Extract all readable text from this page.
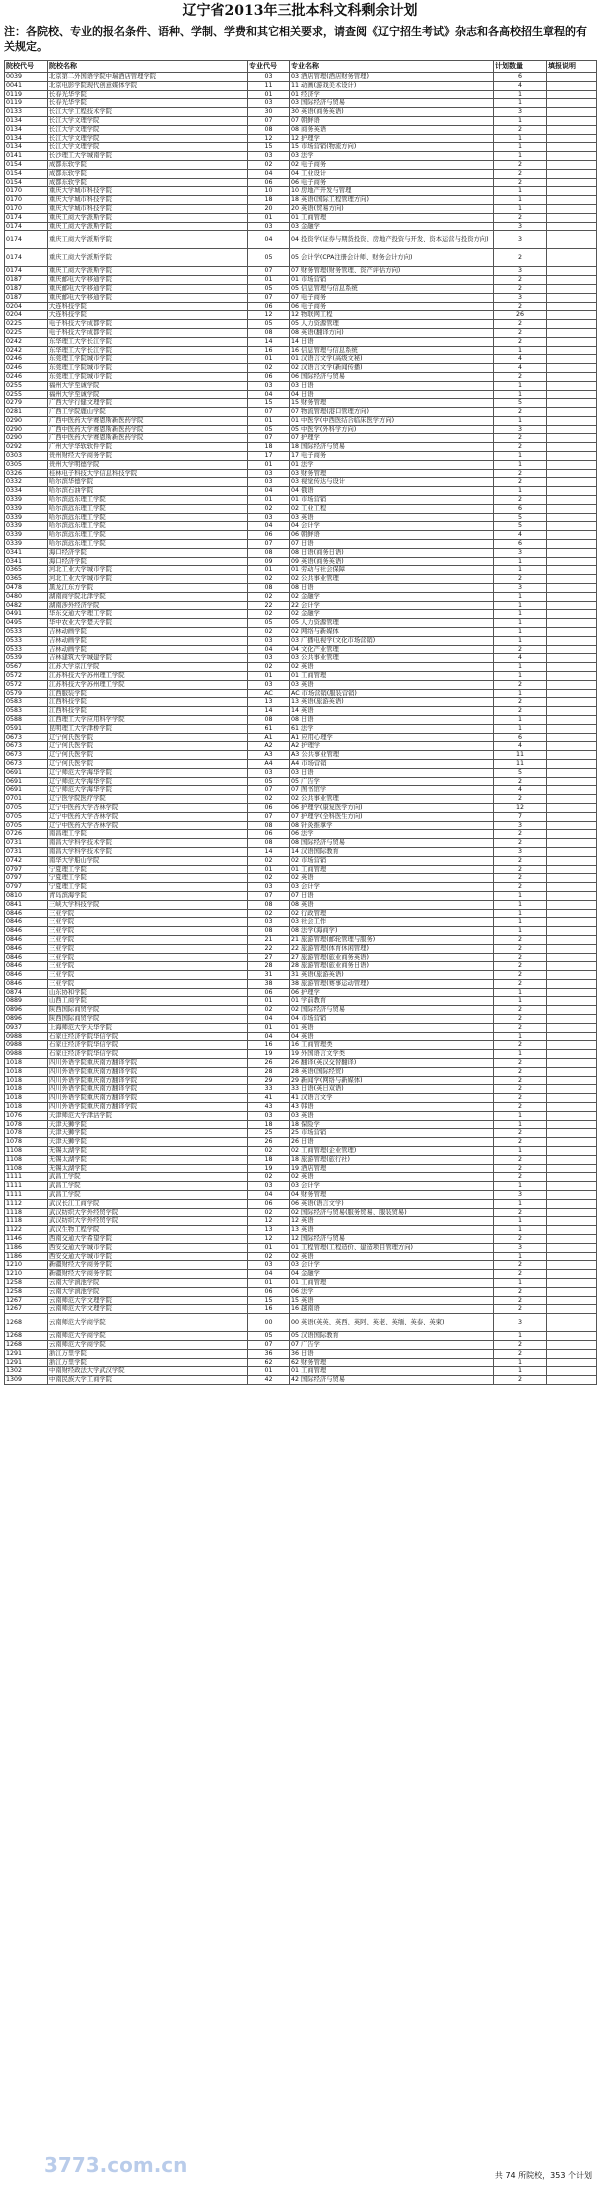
辽宁省2013年三批本科文科剩余计划
注：各院校、专业的报名条件、语种、学制、学费和其它相关要求，请查阅《辽宁招生考试》杂志和各高校招生章程的有关规定。
院校代号	院校名称	专业代号	专业名称	计划数量	填报说明
0039	北京第二外国语学院中瑞酒店管理学院	03	03 酒店管理(酒店财务管理)	6	
0041	北京电影学院现代创意媒体学院	11	11 动画(游戏美术设计)	4	
0119	长春光华学院	01	01 经济学	1	
0119	长春光华学院	03	03 国际经济与贸易	1	
0133	长江大学工程技术学院	30	30 英语(商务英语)	3	
0134	长江大学文理学院	07	07 朝鲜语	1	
0134	长江大学文理学院	08	08 商务英语	2	
0134	长江大学文理学院	12	12 护理学	1	
0134	长江大学文理学院	15	15 市场营销(物流方向)	1	
0141	长沙理工大学城南学院	03	03 法学	1	
0154	成都东软学院	02	02 电子商务	2	
0154	成都东软学院	04	04 工业设计	2	
0154	成都东软学院	06	06 电子商务	2	
0170	重庆大学城市科技学院	10	10 房地产开发与管理	1	
0170	重庆大学城市科技学院	18	18 英语(国际工程管理方向)	1	
0170	重庆大学城市科技学院	20	20 英语(贸易方向)	1	
0174	重庆工商大学派斯学院	01	01 工商管理	2	
0174	重庆工商大学派斯学院	03	03 金融学	3	
0174	重庆工商大学派斯学院	04	04 投资学(证券与期货投资、房地产投资与开发、资本运营与投资方向)	3	
0174	重庆工商大学派斯学院	05	05 会计学(CPA注册会计师、财务会计方向)	2	
0174	重庆工商大学派斯学院	07	07 财务管理(财务管理、资产评估方向)	3	
0187	重庆邮电大学移通学院	01	01 市场营销	2	
0187	重庆邮电大学移通学院	05	05 信息管理与信息系统	2	
0187	重庆邮电大学移通学院	07	07 电子商务	3	
0204	大连科技学院	06	06 电子商务	2	
0204	大连科技学院	12	12 物联网工程	26	
0225	电子科技大学成都学院	05	05 人力资源管理	2	
0225	电子科技大学成都学院	08	08 英语(翻译方向)	2	
0242	东华理工大学长江学院	14	14 日语	2	
0242	东华理工大学长江学院	16	16 信息管理与信息系统	1	
0246	东莞理工学院城市学院	01	01 汉语言文学(高级文秘)	4	
0246	东莞理工学院城市学院	02	02 汉语言文学(新闻传播)	4	
0246	东莞理工学院城市学院	06	06 国际经济与贸易	2	
0255	福州大学至诚学院	03	03 日语	1	
0255	福州大学至诚学院	04	04 日语	1	
0279	广西大学行健文理学院	15	15 财务管理	5	
0281	广西工学院鹿山学院	07	07 物流管理(港口管理方向)	2	
0290	广西中医药大学赛恩斯新医药学院	01	01 中医学(中西医结合临床医学方向)	1	
0290	广西中医药大学赛恩斯新医药学院	05	05 中医学(外科学方向)	3	
0290	广西中医药大学赛恩斯新医药学院	07	07 护理学	2	
0292	广州大学华软软件学院	18	18 国际经济与贸易	2	
0303	贵州财经大学商务学院	17	17 电子商务	1	
0305	贵州大学明德学院	01	01 法学	1	
0326	桂林电子科技大学信息科技学院	03	03 财务管理	2	
0332	哈尔滨华德学院	03	03 视觉传达与设计	2	
0334	哈尔滨石油学院	04	04 俄语	1	
0339	哈尔滨远东理工学院	01	01 市场营销	2	
0339	哈尔滨远东理工学院	02	02 工业工程	6	
0339	哈尔滨远东理工学院	03	03 英语	5	
0339	哈尔滨远东理工学院	04	04 会计学	5	
0339	哈尔滨远东理工学院	06	06 朝鲜语	4	
0339	哈尔滨远东理工学院	07	07 日语	6	
0341	海口经济学院	08	08 日语(商务日语)	3	
0341	海口经济学院	09	09 英语(商务英语)	1	
0365	河北工业大学城市学院	01	01 劳动与社会保障	1	
0365	河北工业大学城市学院	02	02 公共事业管理	2	
0478	黑龙江东方学院	08	08 日语	3	
0480	湖南商学院北津学院	02	02 金融学	1	
0482	湖南涉外经济学院	22	22 会计学	1	
0491	华东交通大学理工学院	02	02 金融学	1	
0495	华中农业大学楚天学院	05	05 人力资源管理	1	
0533	吉林动画学院	02	02 网络与新媒体	1	
0533	吉林动画学院	03	03 广播电视学(文化市场营销)	1	
0533	吉林动画学院	04	04 文化产业管理	2	
0539	吉林建筑大学城建学院	03	03 公共事业管理	4	
0567	江苏大学京江学院	02	02 英语	1	
0572	江苏科技大学苏州理工学院	01	01 工商管理	1	
0572	江苏科技大学苏州理工学院	03	03 英语	2	
0579	江西服装学院	AC	AC 市场营销(服装营销)	1	
0583	江西科技学院	13	13 英语(旅游英语)	2	
0583	江西科技学院	14	14 英语	2	
0588	江西理工大学应用科学学院	08	08 日语	1	
0591	昆明理工大学津桥学院	61	61 法学	1	
0673	辽宁何氏医学院	A1	A1 应用心理学	6	
0673	辽宁何氏医学院	A2	A2 护理学	4	
0673	辽宁何氏医学院	A3	A3 公共事业管理	11	
0673	辽宁何氏医学院	A4	A4 市场营销	11	
0691	辽宁师范大学海华学院	03	03 日语	5	
0691	辽宁师范大学海华学院	05	05 广告学	2	
0691	辽宁师范大学海华学院	07	07 图书馆学	4	
0701	辽宁医学院医疗学院	02	02 公共事业管理	2	
0705	辽宁中医药大学杏林学院	06	06 护理学(康复医学方向)	12	
0705	辽宁中医药大学杏林学院	07	07 护理学(全科医生方向)	7	
0705	辽宁中医药大学杏林学院	08	08 针灸推拿学	3	
0726	南昌理工学院	06	06 法学	2	
0731	南昌大学科学技术学院	08	08 国际经济与贸易	2	
0731	南昌大学科学技术学院	14	14 汉语国际教育	3	
0742	南华大学船山学院	02	02 市场营销	2	
0797	宁夏理工学院	01	01 工商管理	2	
0797	宁夏理工学院	02	02 英语	2	
0797	宁夏理工学院	03	03 会计学	2	
0810	青岛滨海学院	07	07 日语	1	
0841	三峡大学科技学院	08	08 英语	1	
0846	三亚学院	02	02 行政管理	1	
0846	三亚学院	03	03 社会工作	1	
0846	三亚学院	08	08 法学(海商学)	1	
0846	三亚学院	21	21 旅游管理(邮轮管理与服务)	2	
0846	三亚学院	22	22 旅游管理(体育休闲管理)	2	
0846	三亚学院	27	27 旅游管理(旅业商务英语)	2	
0846	三亚学院	28	28 旅游管理(旅业商务日语)	2	
0846	三亚学院	31	31 英语(旅游英语)	2	
0846	三亚学院	38	38 旅游管理(赛事运动管理)	2	
0874	山东协和学院	06	06 护理学	1	
0889	山西工商学院	01	01 学前教育	1	
0896	陕西国际商贸学院	02	02 国际经济与贸易	2	
0896	陕西国际商贸学院	04	04 市场营销	2	
0937	上海师范大学天华学院	01	01 英语	2	
0988	石家庄经济学院华信学院	04	04 英语	1	
0988	石家庄经济学院华信学院	16	16 工商管理类	2	
0988	石家庄经济学院华信学院	19	19 外国语言文学类	1	
1018	四川外语学院重庆南方翻译学院	26	26 翻译(英汉交替翻译)	2	
1018	四川外语学院重庆南方翻译学院	28	28 英语(国际经贸)	2	
1018	四川外语学院重庆南方翻译学院	29	29 新闻学(网络与新媒体)	2	
1018	四川外语学院重庆南方翻译学院	33	33 日语(英日双语)	2	
1018	四川外语学院重庆南方翻译学院	41	41 汉语言文学	2	
1018	四川外语学院重庆南方翻译学院	43	43 韩语	2	
1076	天津师范大学津沽学院	03	03 英语	1	
1078	天津天狮学院	18	18 保险学	1	
1078	天津天狮学院	25	25 市场营销	2	
1078	天津天狮学院	26	26 日语	2	
1108	无锡太湖学院	02	02 工商管理(企业管理)	1	
1108	无锡太湖学院	18	18 旅游管理(旅行社)	2	
1108	无锡太湖学院	19	19 酒店管理	2	
1111	武昌工学院	02	02 英语	2	
1111	武昌工学院	03	03 会计学	1	
1111	武昌工学院	04	04 财务管理	3	
1112	武汉长江工商学院	06	06 英语(语言文学)	1	
1118	武汉纺织大学外经贸学院	02	02 国际经济与贸易(服务贸易、服装贸易)	2	
1118	武汉纺织大学外经贸学院	12	12 英语	1	
1122	武汉生物工程学院	13	13 英语	1	
1146	西南交通大学希望学院	12	12 国际经济与贸易	2	
1186	西安交通大学城市学院	01	01 工程管理(工程造价、建造项目管理方向)	3	
1186	西安交通大学城市学院	02	02 英语	1	
1210	新疆财经大学商务学院	03	03 会计学	2	
1210	新疆财经大学商务学院	04	04 金融学	2	
1258	云南大学滇池学院	01	01 工商管理	1	
1258	云南大学滇池学院	06	06 法学	2	
1267	云南师范大学文理学院	15	15 英语	2	
1267	云南师范大学文理学院	16	16 越南语	2	
1268	云南师范大学商学院	00	00 英语(英英、英西、英阿、英老、英缅、英泰、英柬)	3	
1268	云南师范大学商学院	05	05 汉语国际教育	1	
1268	云南师范大学商学院	07	07 广告学	2	
1291	浙江万里学院	36	36 日语	2	
1291	浙江万里学院	62	62 财务管理	1	
1302	中南财经政法大学武汉学院	01	01 工商管理	1	
1309	中南民族大学工商学院	42	42 国际经济与贸易	2	
3773.com.cn	共 74 所院校，353 个计划
